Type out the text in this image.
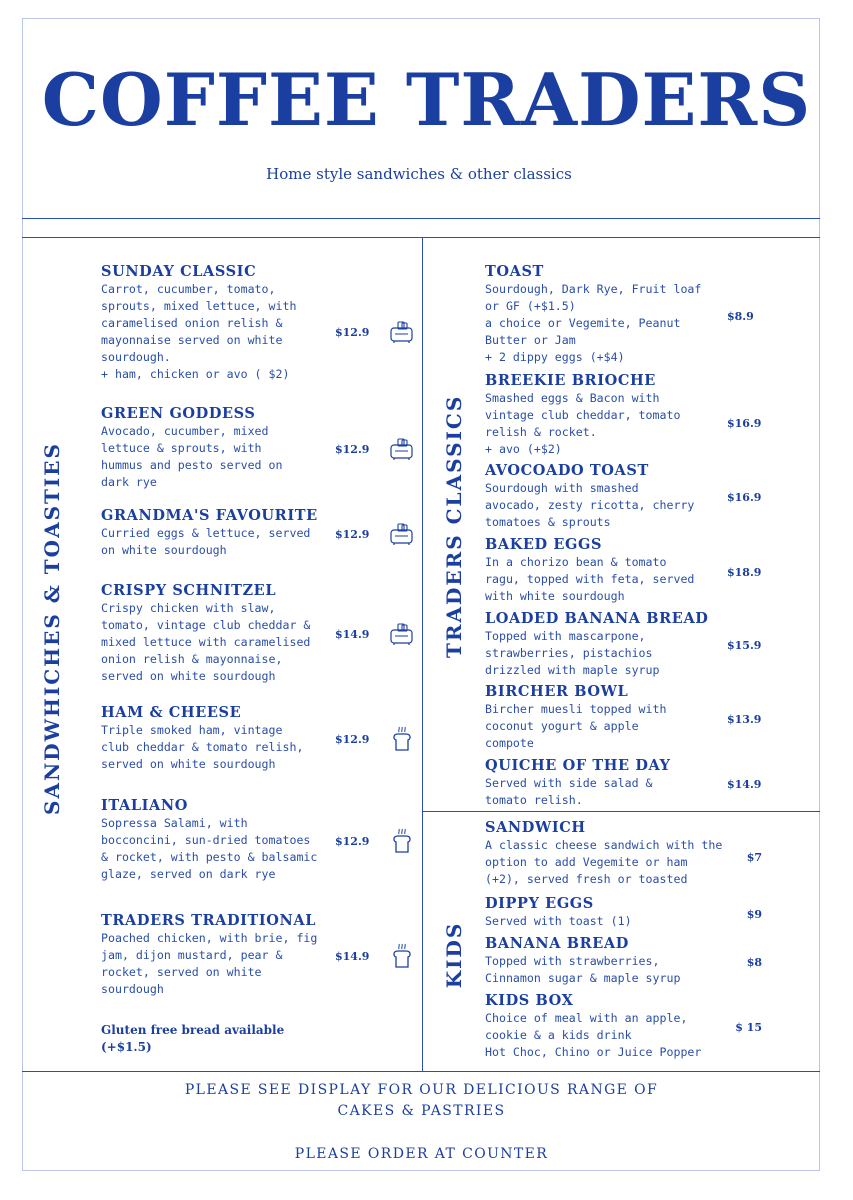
COFFEE TRADERS
Home style sandwiches & other classics
SANDWHICHES & TOASTIES	TRADERS CLASSICS
KIDS
SUNDAY CLASSIC
Carrot, cucumber, tomato,
sprouts, mixed lettuce, with
caramelised onion relish &
mayonnaise served on white
sourdough.
+ ham, chicken or avo ( $2)
$12.9
GREEN GODDESS
Avocado, cucumber, mixed
lettuce & sprouts, with
hummus and pesto served on
dark rye
$12.9
GRANDMA'S FAVOURITE
Curried eggs & lettuce, served
on white sourdough
$12.9
CRISPY SCHNITZEL
Crispy chicken with slaw,
tomato, vintage club cheddar &
mixed lettuce with caramelised
onion relish & mayonnaise,
served on white sourdough
$14.9
HAM & CHEESE
Triple smoked ham, vintage
club cheddar & tomato relish,
served on white sourdough
$12.9
ITALIANO
Sopressa Salami, with
bocconcini, sun-dried tomatoes
& rocket, with pesto & balsamic
glaze, served on dark rye
$12.9
TRADERS TRADITIONAL
Poached chicken, with brie, fig
jam, dijon mustard, pear &
rocket, served on white
sourdough
$14.9
Gluten free bread available
(+$1.5)
TOAST
Sourdough, Dark Rye, Fruit loaf
or GF (+$1.5)
a choice or Vegemite, Peanut
Butter or Jam
+ 2 dippy eggs (+$4)
$8.9
BREEKIE BRIOCHE
Smashed eggs & Bacon with
vintage club cheddar, tomato
relish & rocket.
+ avo (+$2)
$16.9
AVOCOADO TOAST
Sourdough with smashed
avocado, zesty ricotta, cherry
tomatoes & sprouts
$16.9
BAKED EGGS
In a chorizo bean & tomato
ragu, topped with feta, served
with white sourdough
$18.9
LOADED BANANA BREAD
Topped with mascarpone,
strawberries, pistachios
drizzled with maple syrup
$15.9
BIRCHER BOWL
Bircher muesli topped with
coconut yogurt & apple
compote
$13.9
QUICHE OF THE DAY
Served with side salad &
tomato relish.
$14.9
SANDWICH
A classic cheese sandwich with the
option to add Vegemite or ham
(+2), served fresh or toasted
$7
DIPPY EGGS
Served with toast (1)	$9
BANANA BREAD
Topped with strawberries,
Cinnamon sugar & maple syrup
$8
KIDS BOX
Choice of meal with an apple,
cookie & a kids drink
Hot Choc, Chino or Juice Popper
$ 15
PLEASE SEE DISPLAY FOR OUR DELICIOUS RANGE OF
CAKES & PASTRIES
PLEASE ORDER AT COUNTER
